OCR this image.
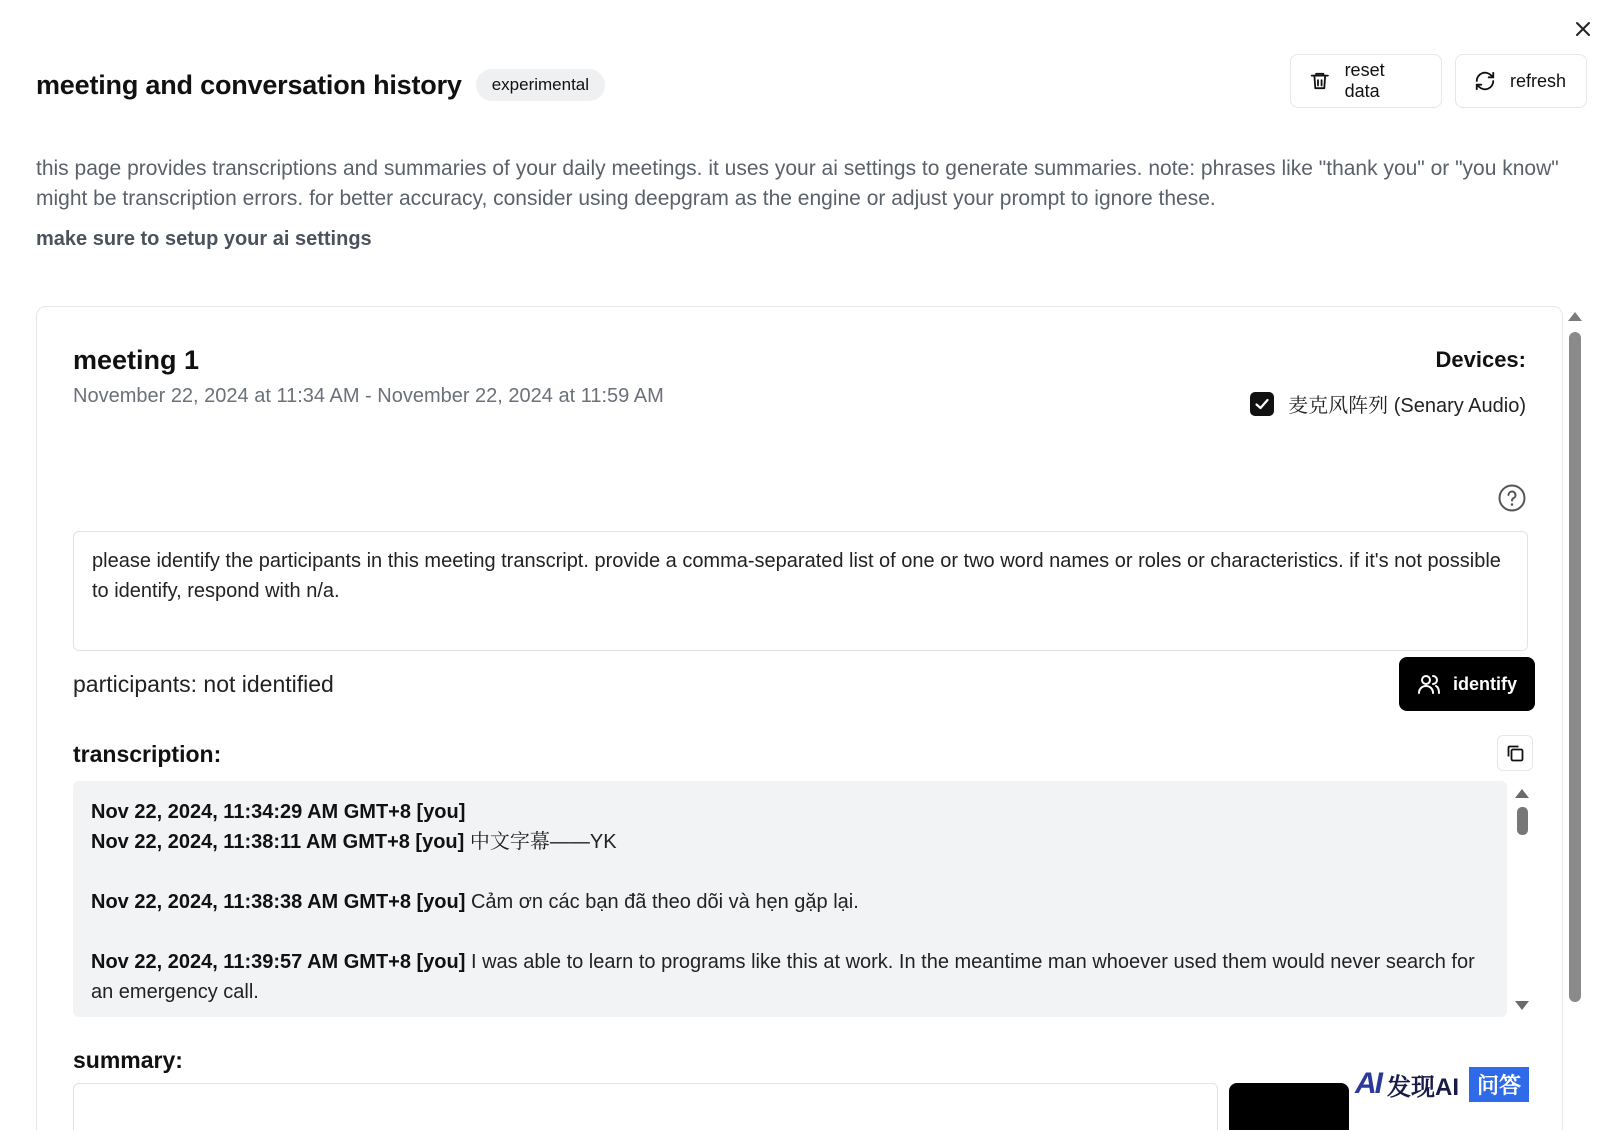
meeting and conversation history	experimental
reset data
refresh

this page provides transcriptions and summaries of your daily meetings. it uses your ai settings to generate summaries. note: phrases like "thank you" or "you know" might be transcription errors. for better accuracy, consider using deepgram as the engine or adjust your prompt to ignore these.

make sure to setup your ai settings

meeting 1
November 22, 2024 at 11:34 AM - November 22, 2024 at 11:59 AM
Devices:
麦克风阵列 (Senary Audio)
please identify the participants in this meeting transcript. provide a comma-separated list of one or two word names or roles or characteristics. if it's not possible to identify, respond with n/a.
participants: not identified	identify
transcription:
Nov 22, 2024, 11:34:29 AM GMT+8 [you]
Nov 22, 2024, 11:38:11 AM GMT+8 [you] 中文字幕——YK
Nov 22, 2024, 11:38:38 AM GMT+8 [you] Cảm ơn các bạn đã theo dõi và hẹn gặp lại.
Nov 22, 2024, 11:39:57 AM GMT+8 [you] I was able to learn to programs like this at work. In the meantime man whoever used them would never search for an emergency call.
summary:
AI 发现AI 问答
